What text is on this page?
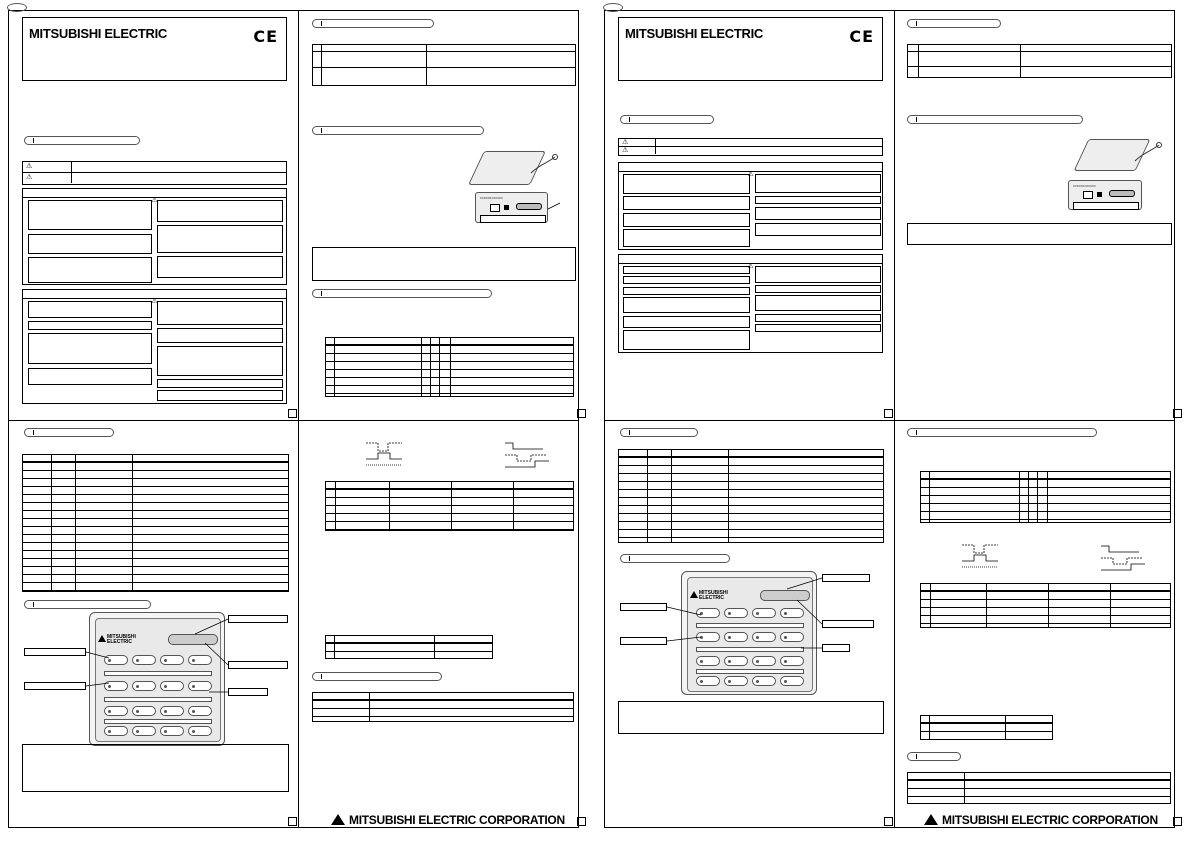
MITSUBISHI ELECTRIC	CE
⚠
⚠
⚠
⚠
▭▭▭▭▭▭
MITSUBISHI
ELECTRIC
MITSUBISHI ELECTRIC CORPORATION
MITSUBISHI ELECTRIC	CE
⚠
⚠
⚠
⚠
▭▭▭▭▭▭
MITSUBISHI
ELECTRIC
MITSUBISHI ELECTRIC CORPORATION
